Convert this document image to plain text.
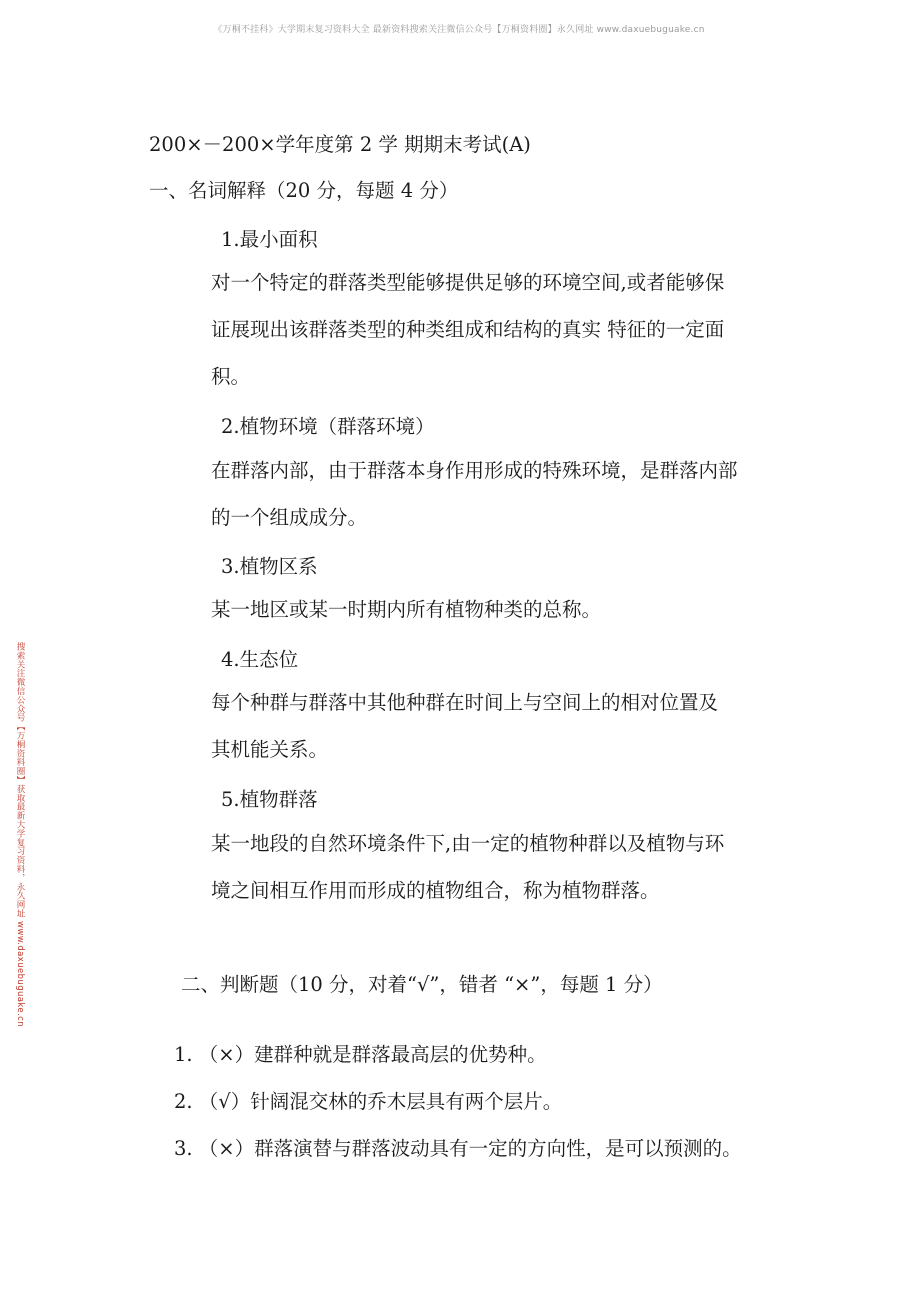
《万桐不挂科》大学期末复习资料大全 最新资料搜索关注微信公众号【万桐资料圈】永久网址 www.daxuebuguake.cn
搜索关注微信公众号【万桐资料圈】获取最新大学复习资料，永久网址 www.daxuebuguake.cn
200×－200×学年度第 2 学 期期末考试(A)
一、名词解释（20 分，每题 4 分）
1.最小面积
对一个特定的群落类型能够提供足够的环境空间,或者能够保
证展现出该群落类型的种类组成和结构的真实 特征的一定面
积。
2.植物环境（群落环境）
在群落内部，由于群落本身作用形成的特殊环境，是群落内部
的一个组成成分。
3.植物区系
某一地区或某一时期内所有植物种类的总称。
4.生态位
每个种群与群落中其他种群在时间上与空间上的相对位置及
其机能关系。
5.植物群落
某一地段的自然环境条件下,由一定的植物种群以及植物与环
境之间相互作用而形成的植物组合，称为植物群落。
二、判断题（10 分，对着“√”，错者 “×”，每题 1 分）
1. （×）建群种就是群落最高层的优势种。
2. （√）针阔混交林的乔木层具有两个层片。
3. （×）群落演替与群落波动具有一定的方向性，是可以预测的。
